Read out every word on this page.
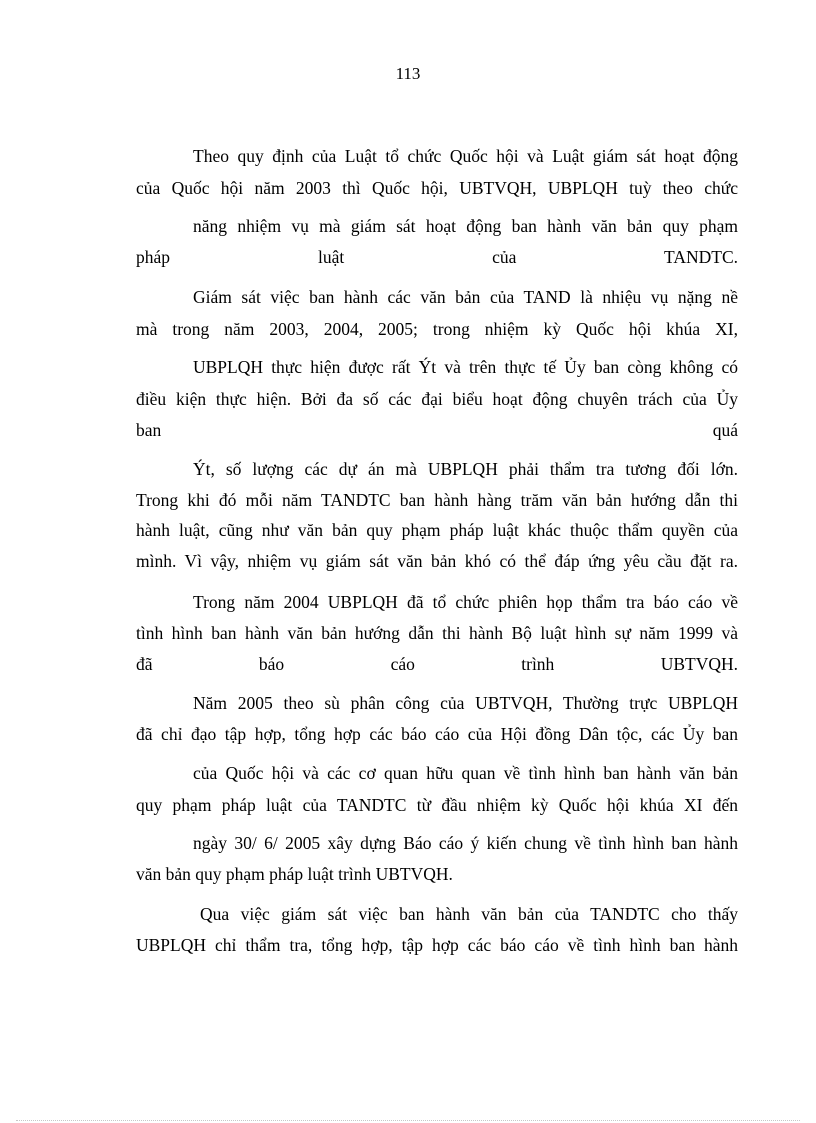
113
Theo quy định của Luật tổ chức Quốc hội và Luật giám sát hoạt động
của Quốc hội năm 2003 thì Quốc hội, UBTVQH, UBPLQH tuỳ theo chức
năng nhiệm vụ mà giám sát hoạt động ban hành văn bản quy phạm
pháp luật của TANDTC.
Giám sát việc ban hành các văn bản của TAND là nhiệu vụ nặng nề
mà trong năm 2003, 2004, 2005; trong nhiệm kỳ Quốc hội khúa XI,
UBPLQH thực hiện được rất Ýt và trên thực tế Ủy ban còng không có
điều kiện thực hiện. Bởi đa số các đại biểu hoạt động chuyên trách của Ủy
ban quá
Ýt, số lượng các dự án mà UBPLQH phải thẩm tra tương đối lớn.
Trong khi đó mỗi năm TANDTC ban hành hàng trăm văn bản hướng dẫn thi
hành luật, cũng như văn bản quy phạm pháp luật khác thuộc thẩm quyền của
mình. Vì vậy, nhiệm vụ giám sát văn bản khó có thể đáp ứng yêu cầu đặt ra.
Trong năm 2004 UBPLQH đã tổ chức phiên họp thẩm tra báo cáo về
tình hình ban hành văn bản hướng dẫn thi hành Bộ luật hình sự năm 1999 và
đã báo cáo trình UBTVQH.
Năm 2005 theo sù phân công của UBTVQH, Thường trực UBPLQH
đã chỉ đạo tập hợp, tổng hợp các báo cáo của Hội đồng Dân tộc, các Ủy ban
của Quốc hội và các cơ quan hữu quan về tình hình ban hành văn bản
quy phạm pháp luật của TANDTC từ đầu nhiệm kỳ Quốc hội khúa XI đến
ngày 30/ 6/ 2005 xây dựng Báo cáo ý kiến chung về tình hình ban hành
văn bản quy phạm pháp luật trình UBTVQH.
Qua việc giám sát việc ban hành văn bản của TANDTC cho thấy
UBPLQH chỉ thẩm tra, tổng hợp, tập hợp các báo cáo về tình hình ban hành
